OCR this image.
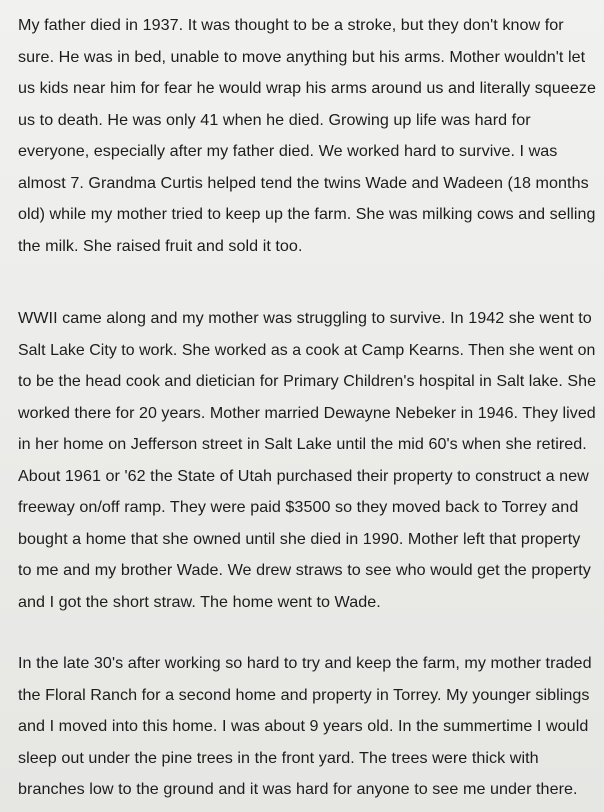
My father died in 1937. It was thought to be a stroke, but they don't know for
sure. He was in bed, unable to move anything but his arms. Mother wouldn't let
us kids near him for fear he would wrap his arms around us and literally squeeze
us to death. He was only 41 when he died. Growing up life was hard for
everyone, especially after my father died. We worked hard to survive. I was
almost 7. Grandma Curtis helped tend the twins Wade and Wadeen (18 months
old) while my mother tried to keep up the farm. She was milking cows and selling
the milk. She raised fruit and sold it too.

WWII came along and my mother was struggling to survive. In 1942 she went to
Salt Lake City to work. She worked as a cook at Camp Kearns. Then she went on
to be the head cook and dietician for Primary Children's hospital in Salt lake. She
worked there for 20 years. Mother married Dewayne Nebeker in 1946. They lived
in her home on Jefferson street in Salt Lake until the mid 60's when she retired.
About 1961 or '62 the State of Utah purchased their property to construct a new
freeway on/off ramp. They were paid $3500 so they moved back to Torrey and
bought a home that she owned until she died in 1990. Mother left that property
to me and my brother Wade. We drew straws to see who would get the property
and I got the short straw. The home went to Wade.

In the late 30's after working so hard to try and keep the farm, my mother traded
the Floral Ranch for a second home and property in Torrey. My younger siblings
and I moved into this home. I was about 9 years old. In the summertime I would
sleep out under the pine trees in the front yard. The trees were thick with
branches low to the ground and it was hard for anyone to see me under there.
